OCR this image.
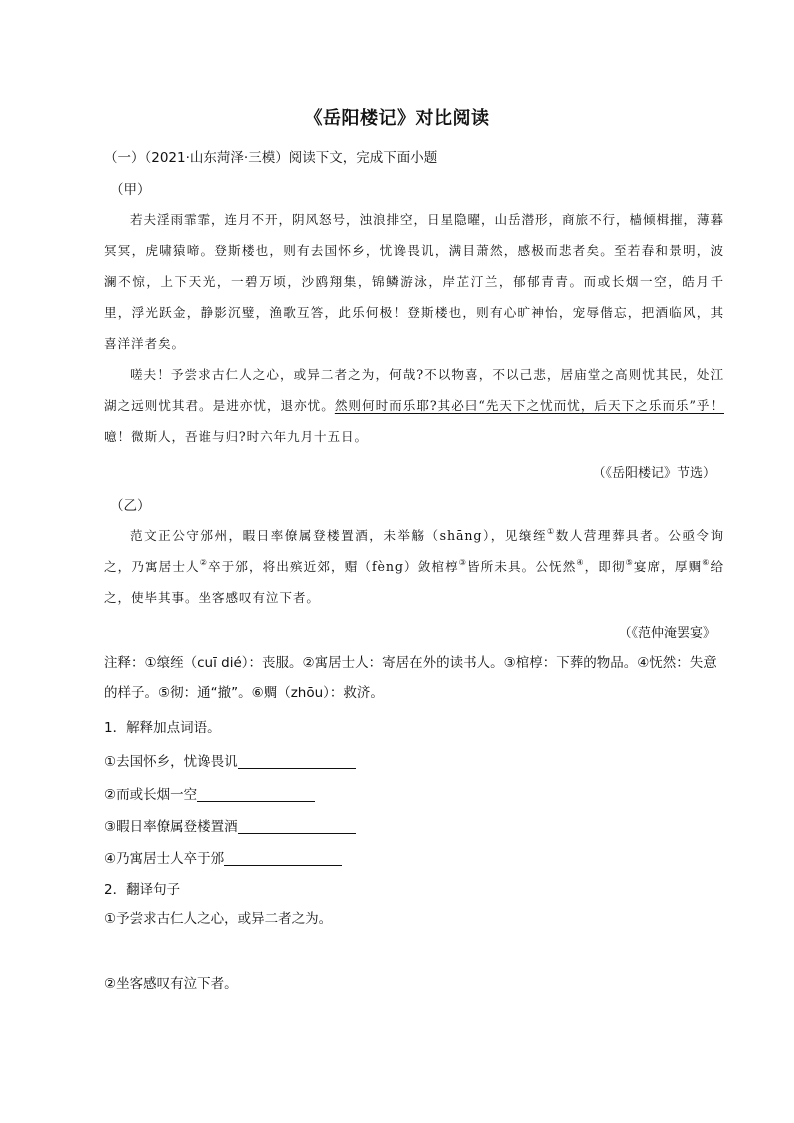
《岳阳楼记》对比阅读
（一）（2021·山东菏泽·三模）阅读下文，完成下面小题
（甲）

若夫淫雨霏霏，连月不开，阴风怒号，浊浪排空，日星隐曜，山岳潜形，商旅不行，樯倾楫摧，薄暮冥冥，虎啸猿啼。登斯楼也，则有去国怀乡，忧谗畏讥，满目萧然，感极而悲者矣。至若春和景明，波澜不惊，上下天光，一碧万顷，沙鸥翔集，锦鳞游泳，岸芷汀兰，郁郁青青。而或长烟一空，皓月千里，浮光跃金，静影沉璧，渔歌互答，此乐何极！登斯楼也，则有心旷神怡，宠辱偕忘，把酒临风，其喜洋洋者矣。

嗟夫！予尝求古仁人之心，或异二者之为，何哉?不以物喜，不以己悲，居庙堂之高则忧其民，处江湖之远则忧其君。是进亦忧，退亦忧。然则何时而乐耶?其必曰“先天下之忧而忧，后天下之乐而乐”乎！噫！微斯人，吾谁与归?时六年九月十五日。

（《岳阳楼记》节选）
（乙）

范文正公守邠州，暇日率僚属登楼置酒，未举觞（shāng），见缞绖①数人营理葬具者。公亟令询之，乃寓居士人②卒于邠，将出殡近郊，赗（fèng）敛棺椁③皆所未具。公怃然④，即彻⑤宴席，厚赒⑥给之，使毕其事。坐客感叹有泣下者。

（《范仲淹罢宴》

注释：①缞绖（cuī dié）：丧服。②寓居士人：寄居在外的读书人。③棺椁：下葬的物品。④怃然：失意的样子。⑤彻：通“撤”。⑥赒（zhōu）：救济。

1．解释加点词语。
①去国怀乡，忧谗畏讥
②而或长烟一空
③暇日率僚属登楼置酒
④乃寓居士人卒于邠
2．翻译句子
①予尝求古仁人之心，或异二者之为。
②坐客感叹有泣下者。
